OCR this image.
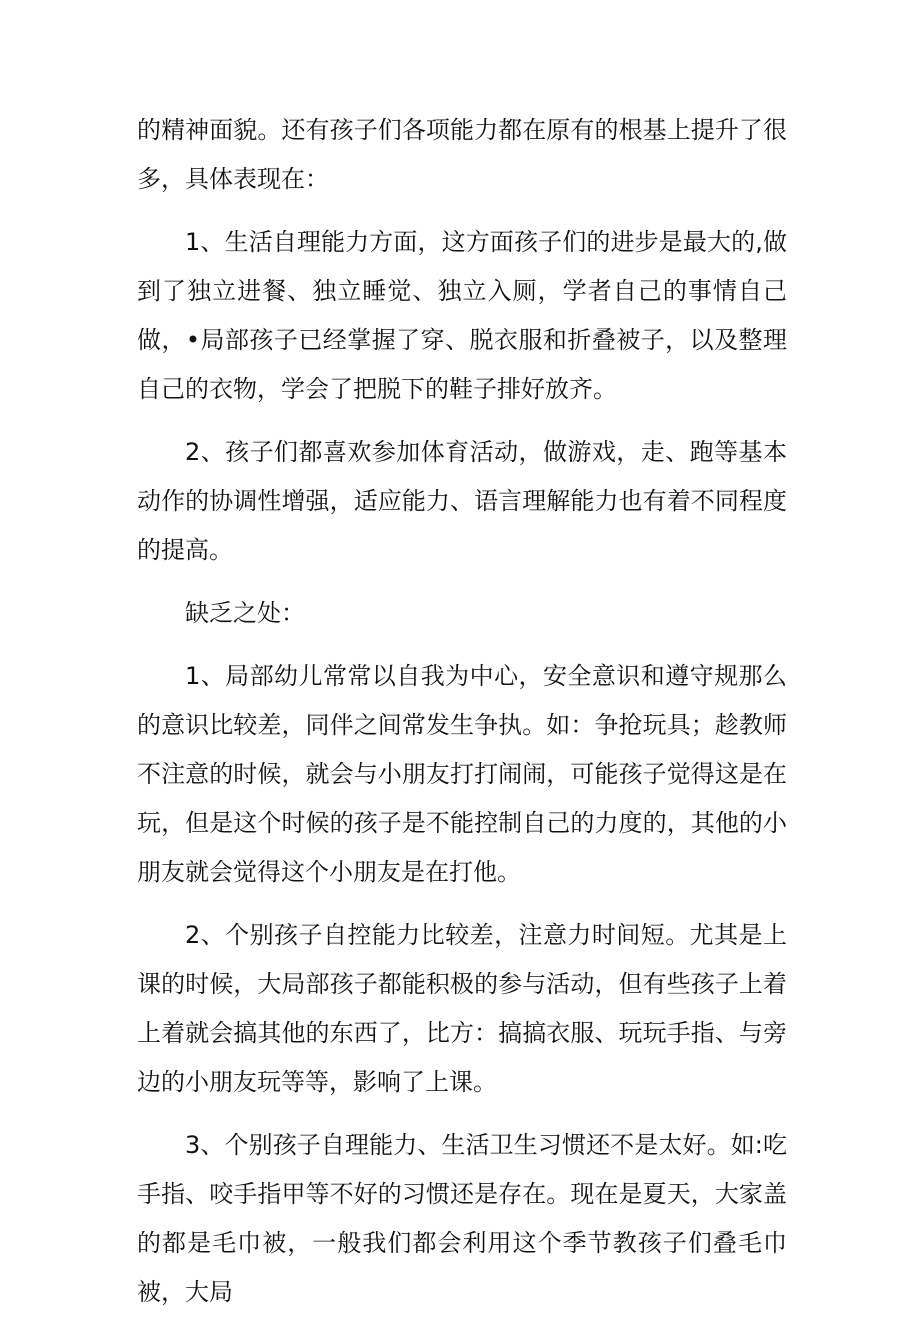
的精神面貌。还有孩子们各项能力都在原有的根基上提升了很多，具体表现在：

1、生活自理能力方面，这方面孩子们的进步是最大的,做到了独立进餐、独立睡觉、独立入厕，学者自己的事情自己做，•局部孩子已经掌握了穿、脱衣服和折叠被子，以及整理自己的衣物，学会了把脱下的鞋子排好放齐。

2、孩子们都喜欢参加体育活动，做游戏，走、跑等基本动作的协调性增强，适应能力、语言理解能力也有着不同程度的提高。

缺乏之处：

1、局部幼儿常常以自我为中心，安全意识和遵守规那么的意识比较差，同伴之间常发生争执。如：争抢玩具；趁教师不注意的时候，就会与小朋友打打闹闹，可能孩子觉得这是在玩，但是这个时候的孩子是不能控制自己的力度的，其他的小朋友就会觉得这个小朋友是在打他。

2、个别孩子自控能力比较差，注意力时间短。尤其是上课的时候，大局部孩子都能积极的参与活动，但有些孩子上着上着就会搞其他的东西了，比方：搞搞衣服、玩玩手指、与旁边的小朋友玩等等，影响了上课。

3、个别孩子自理能力、生活卫生习惯还不是太好。如:吃手指、咬手指甲等不好的习惯还是存在。现在是夏天，大家盖的都是毛巾被，一般我们都会利用这个季节教孩子们叠毛巾被，大局
